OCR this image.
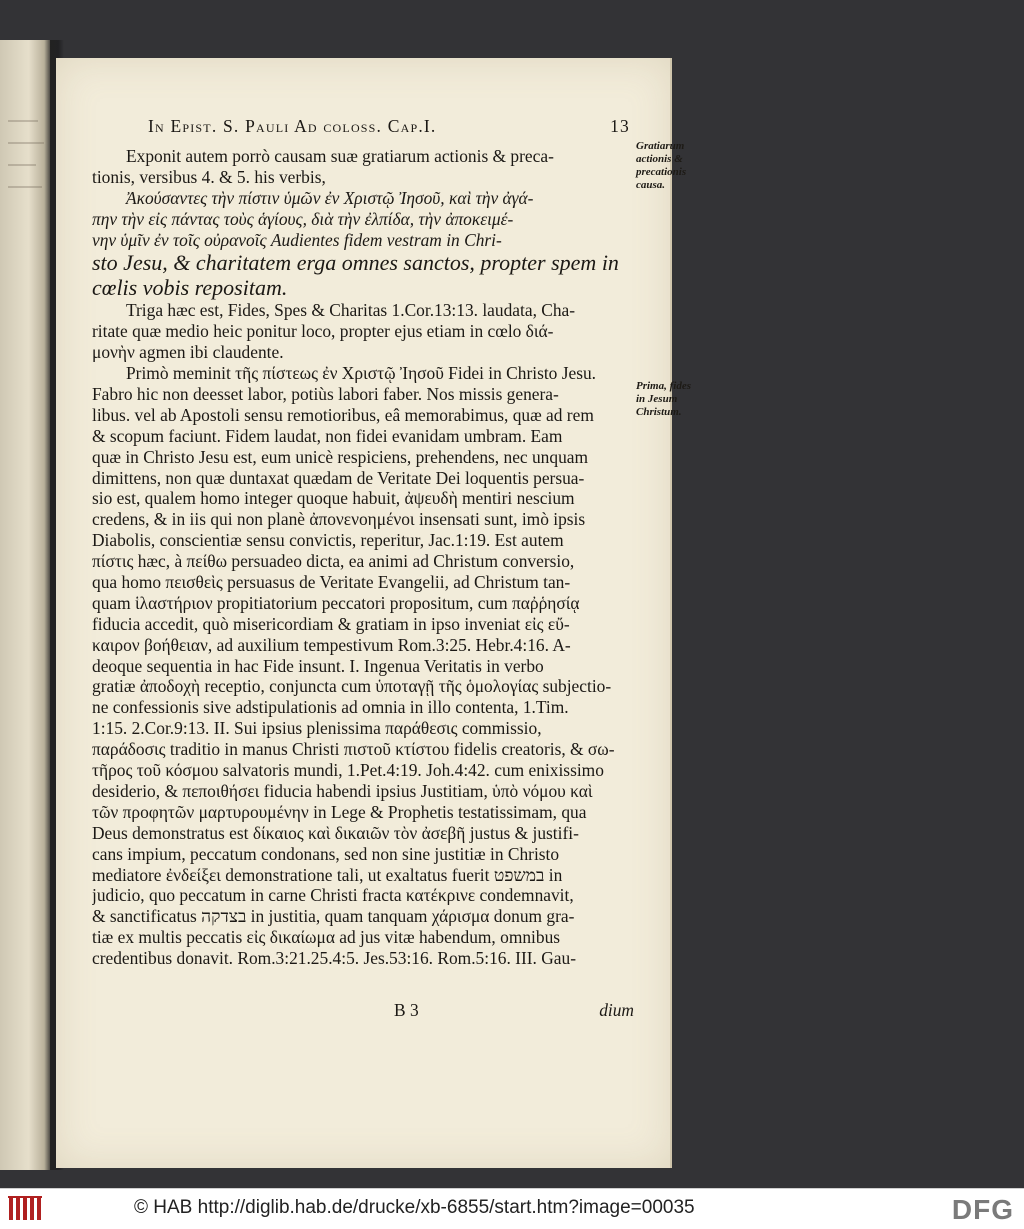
In Epist. S. Pauli Ad coloss. Cap.I.	13
Exponit autem porrò causam suæ gratiarum actionis & preca-
tionis, versibus 4. & 5. his verbis,
Ἀκούσαντες τὴν πίστιν ὑμῶν ἐν Χριστῷ Ἰησοῦ, καὶ τὴν ἀγά-
πην τὴν εἰς πάντας τοὺς ἁγίους, διὰ τὴν ἐλπίδα, τὴν ἀποκειμέ-
νην ὑμῖν ἐν τοῖς οὐρανοῖς Audientes fidem vestram in Chri-
sto Jesu, & charitatem erga omnes sanctos, propter spem in
cœlis vobis repositam.
Triga hæc est, Fides, Spes & Charitas 1.Cor.13:13. laudata, Cha-
ritate quæ medio heic ponitur loco, propter ejus etiam in cœlo διά-
μονὴν agmen ibi claudente.
Primò meminit τῆς πίστεως ἐν Χριστῷ Ἰησοῦ Fidei in Christo Jesu.
Fabro hic non deesset labor, potiùs labori faber. Nos missis genera-
libus. vel ab Apostoli sensu remotioribus, eâ memorabimus, quæ ad rem
& scopum faciunt. Fidem laudat, non fidei evanidam umbram. Eam
quæ in Christo Jesu est, eum unicè respiciens, prehendens, nec unquam
dimittens, non quæ duntaxat quædam de Veritate Dei loquentis persua-
sio est, qualem homo integer quoque habuit, ἀψευδὴ mentiri nescium
credens, & in iis qui non planè ἀπονενοημένοι insensati sunt, imò ipsis
Diabolis, conscientiæ sensu convictis, reperitur, Jac.1:19. Est autem
πίστις hæc, à πείθω persuadeo dicta, ea animi ad Christum conversio,
qua homo πεισθεὶς persuasus de Veritate Evangelii, ad Christum tan-
quam ἱλαστήριον propitiatorium peccatori propositum, cum παῤῥησίᾳ
fiducia accedit, quò misericordiam & gratiam in ipso inveniat εἰς εὔ-
καιρον βοήθειαν, ad auxilium tempestivum Rom.3:25. Hebr.4:16. A-
deoque sequentia in hac Fide insunt. I. Ingenua Veritatis in verbo
gratiæ ἀποδοχὴ receptio, conjuncta cum ὑποταγῇ τῆς ὁμολογίας subjectio-
ne confessionis sive adstipulationis ad omnia in illo contenta, 1.Tim.
1:15. 2.Cor.9:13. II. Sui ipsius plenissima παράθεσις commissio,
παράδοσις traditio in manus Christi πιστοῦ κτίστου fidelis creatoris, & σω-
τῆρος τοῦ κόσμου salvatoris mundi, 1.Pet.4:19. Joh.4:42. cum enixissimo
desiderio, & πεποιθήσει fiducia habendi ipsius Justitiam, ὑπὸ νόμου καὶ
τῶν προφητῶν μαρτυρουμένην in Lege & Prophetis testatissimam, qua
Deus demonstratus est δίκαιος καὶ δικαιῶν τὸν ἀσεβῆ justus & justifi-
cans impium, peccatum condonans, sed non sine justitiæ in Christo
mediatore ἐνδείξει demonstratione tali, ut exaltatus fuerit במשפט in
judicio, quo peccatum in carne Christi fracta κατέκρινε condemnavit,
& sanctificatus בצדקה in justitia, quam tanquam χάρισμα donum gra-
tiæ ex multis peccatis εἰς δικαίωμα ad jus vitæ habendum, omnibus
credentibus donavit. Rom.3:21.25.4:5. Jes.53:16. Rom.5:16. III. Gau-

Gratiarum

actionis &

precationis

causa.

Prima, fides

in Jesum

Christum.

B 3	dium
© HAB http://diglib.hab.de/drucke/xb-6855/start.htm?image=00035	DFG
